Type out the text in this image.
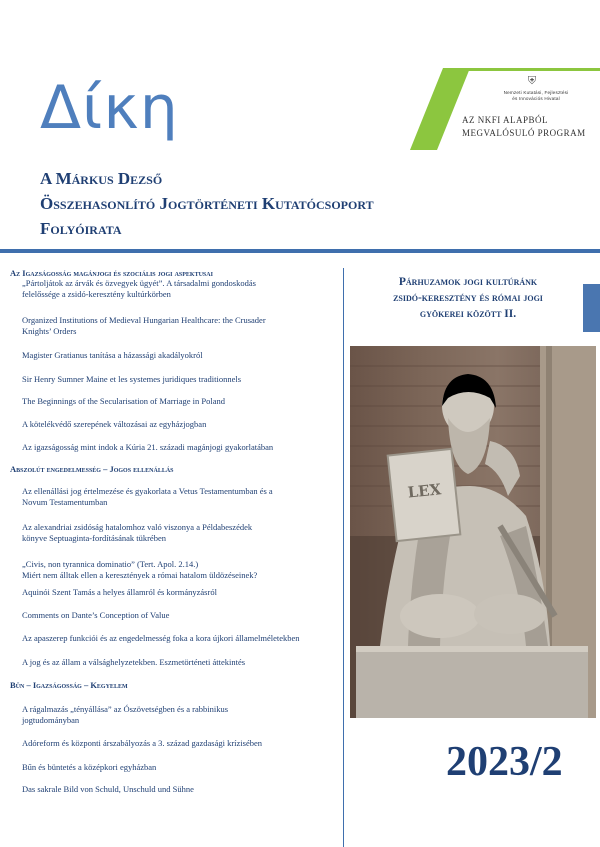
Δίκη
A Márkus Dezső
Összehasonlító Jogtörténeti Kutatócsoport
Folyóirata
⛨
Nemzeti Kutatási, Fejlesztési
és Innovációs Hivatal
AZ NKFI ALAPBÓL
MEGVALÓSULÓ PROGRAM
Az Igazságosság magánjogi és szociális jogi aspektusai
„Pártoljátok az árvák és özvegyek ügyét”. A társadalmi gondoskodás
felelőssége a zsidó-keresztény kultúrkörben
Organized Institutions of Medieval Hungarian Healthcare: the Crusader
Knights’ Orders
Magister Gratianus tanítása a házassági akadályokról
Sir Henry Sumner Maine et les systemes juridiques traditionnels
The Beginnings of the Secularisation of Marriage in Poland
A kötelékvédő szerepének változásai az egyházjogban
Az igazságosság mint indok a Kúria 21. századi magánjogi gyakorlatában
Abszolút engedelmesség – Jogos ellenállás
Az ellenállási jog értelmezése és gyakorlata a Vetus Testamentumban és a
Novum Testamentumban
Az alexandriai zsidóság hatalomhoz való viszonya a Példabeszédek
könyve Septuaginta-fordításának tükrében
„Civis, non tyrannica dominatio” (Tert. Apol. 2.14.)
Miért nem álltak ellen a keresztények a római hatalom üldözéseinek?
Aquinói Szent Tamás a helyes államról és kormányzásról
Comments on Dante’s Conception of Value
Az apaszerep funkciói és az engedelmesség foka a kora újkori államelméletekben
A jog és az állam a válsághelyzetekben. Eszmetörténeti áttekintés
Bűn – Igazságosság – Kegyelem
A rágalmazás „tényállása” az Ószövetségben és a rabbinikus
jogtudományban
Adóreform és központi árszabályozás a 3. század gazdasági krízisében
Bűn és büntetés a középkori egyházban
Das sakrale Bild von Schuld, Unschuld und Sühne
Párhuzamok jogi kultúránk
zsidó-keresztény és római jogi
gyökerei között II.
LEX
2023/2
